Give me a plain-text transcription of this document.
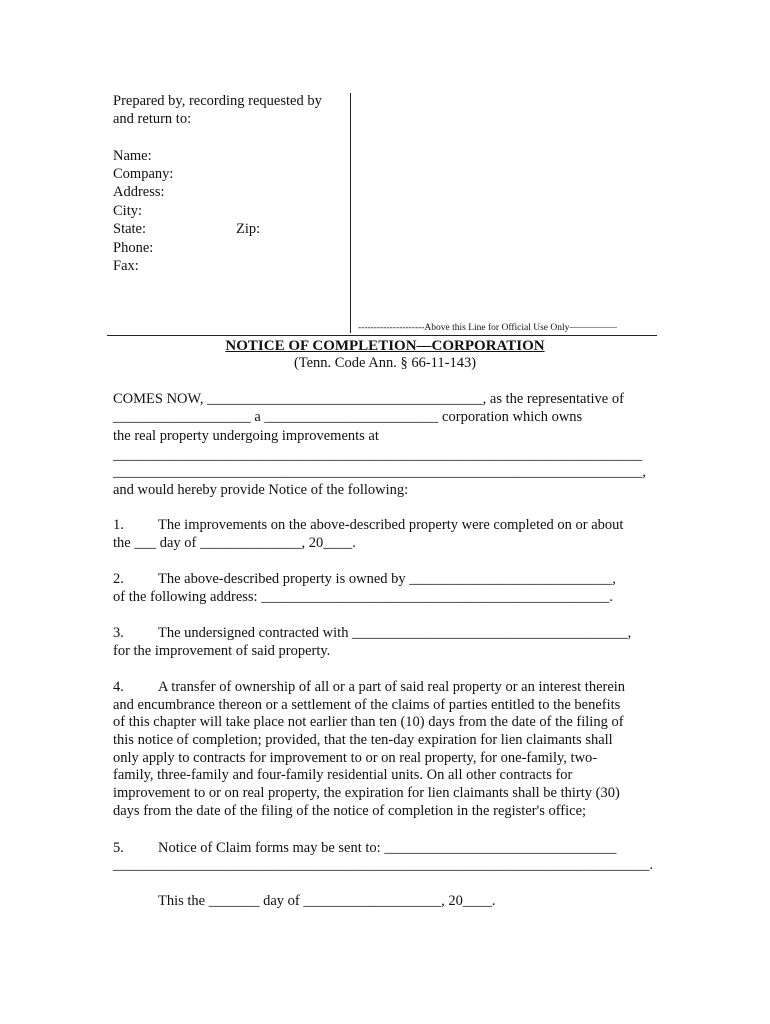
Prepared by, recording requested by
and return to:
Name:
Company:
Address:
City:
State:	Zip:
Phone:
Fax:
---------------------Above this Line for Official Use Only—————
NOTICE OF COMPLETION—CORPORATION
(Tenn. Code Ann. § 66-11-143)
COMES NOW, ______________________________________, as the representative of
___________________ a ________________________ corporation which owns
the real property undergoing improvements at
_________________________________________________________________________
_________________________________________________________________________,
and would hereby provide Notice of the following:
1. The improvements on the above-described property were completed on or about
the ___ day of ______________, 20____.
2. The above-described property is owned by ____________________________,
of the following address: ________________________________________________.
3. The undersigned contracted with ______________________________________,
for the improvement of said property.
4. A transfer of ownership of all or a part of said real property or an interest therein
and encumbrance thereon or a settlement of the claims of parties entitled to the benefits
of this chapter will take place not earlier than ten (10) days from the date of the filing of
this notice of completion; provided, that the ten-day expiration for lien claimants shall
only apply to contracts for improvement to or on real property, for one-family, two-
family, three-family and four-family residential units. On all other contracts for
improvement to or on real property, the expiration for lien claimants shall be thirty (30)
days from the date of the filing of the notice of completion in the register's office;
5. Notice of Claim forms may be sent to: ________________________________
__________________________________________________________________________.
This the _______ day of ___________________, 20____.
